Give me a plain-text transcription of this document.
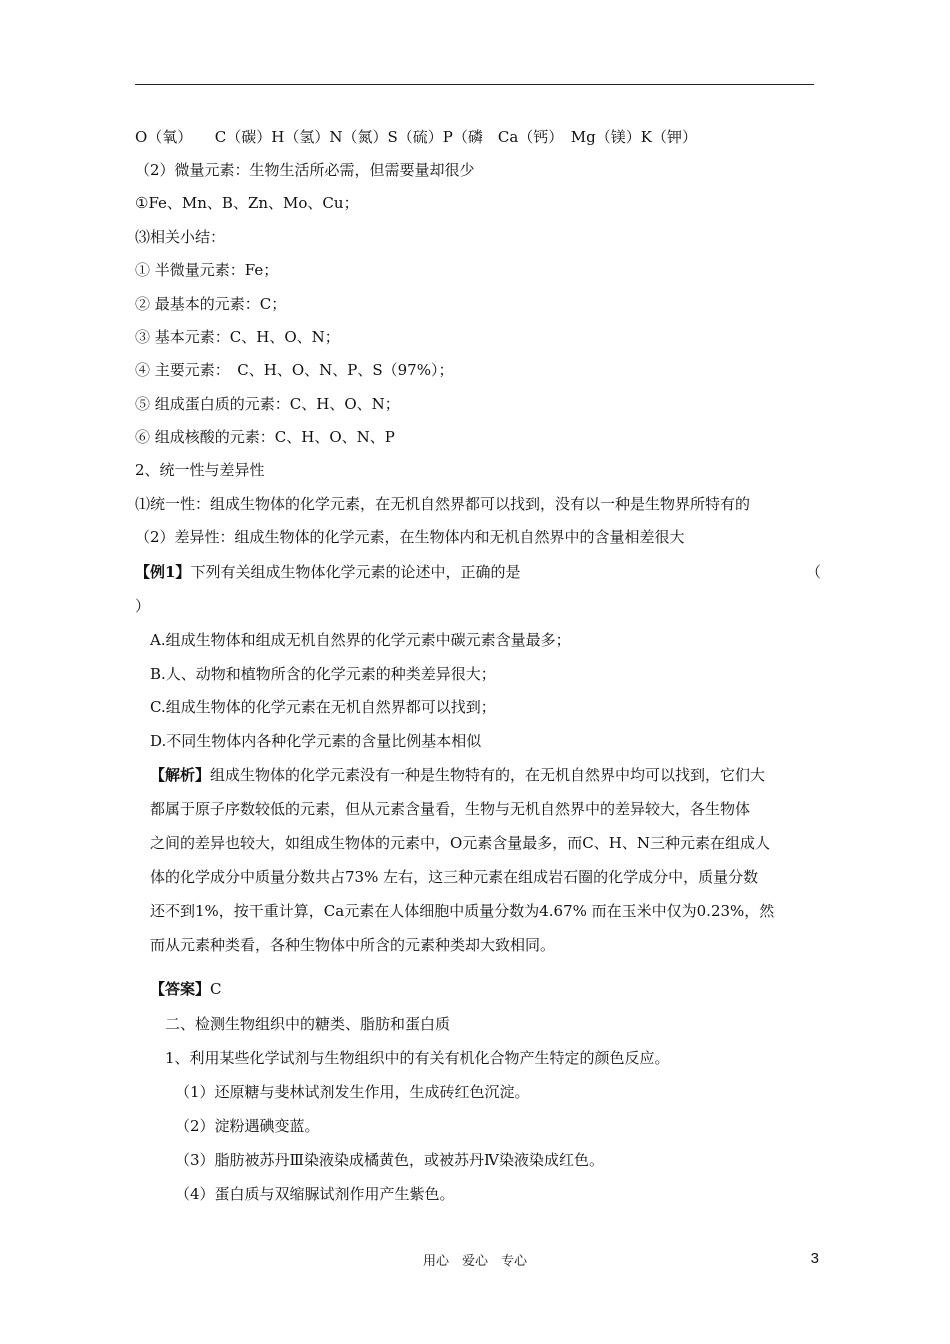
O（氧）　　C（碳）H（氢）N（氮）S（硫）P（磷　Ca（钙）　Mg（镁）K（钾）
（2）微量元素：生物生活所必需，但需要量却很少
①Fe、Mn、B、Zn、Mo、Cu；
⑶相关小结：
① 半微量元素：Fe；
② 最基本的元素：C；
③ 基本元素：C、H、O、N；
④ 主要元素：　C、H、O、N、P、S（97%）；
⑤ 组成蛋白质的元素：C、H、O、N；
⑥ 组成核酸的元素：C、H、O、N、P
2、统一性与差异性
⑴统一性：组成生物体的化学元素，在无机自然界都可以找到，没有以一种是生物界所特有的
（2）差异性：组成生物体的化学元素，在生物体内和无机自然界中的含量相差很大
【例1】下列有关组成生物体化学元素的论述中，正确的是	（
）
A.组成生物体和组成无机自然界的化学元素中碳元素含量最多；
B.人、动物和植物所含的化学元素的种类差异很大；
C.组成生物体的化学元素在无机自然界都可以找到；
D.不同生物体内各种化学元素的含量比例基本相似
【解析】组成生物体的化学元素没有一种是生物特有的，在无机自然界中均可以找到，它们大
都属于原子序数较低的元素，但从元素含量看，生物与无机自然界中的差异较大，各生物体
之间的差异也较大，如组成生物体的元素中，O元素含量最多，而C、H、N三种元素在组成人
体的化学成分中质量分数共占73% 左右，这三种元素在组成岩石圈的化学成分中，质量分数
还不到1%，按干重计算，Ca元素在人体细胞中质量分数为4.67% 而在玉米中仅为0.23%，然
而从元素种类看，各种生物体中所含的元素种类却大致相同。
【答案】C
二、检测生物组织中的糖类、脂肪和蛋白质
1、利用某些化学试剂与生物组织中的有关有机化合物产生特定的颜色反应。
（1）还原糖与斐林试剂发生作用，生成砖红色沉淀。
（2）淀粉遇碘变蓝。
（3）脂肪被苏丹Ⅲ染液染成橘黄色，或被苏丹Ⅳ染液染成红色。
（4）蛋白质与双缩脲试剂作用产生紫色。
用心　爱心　专心	3
